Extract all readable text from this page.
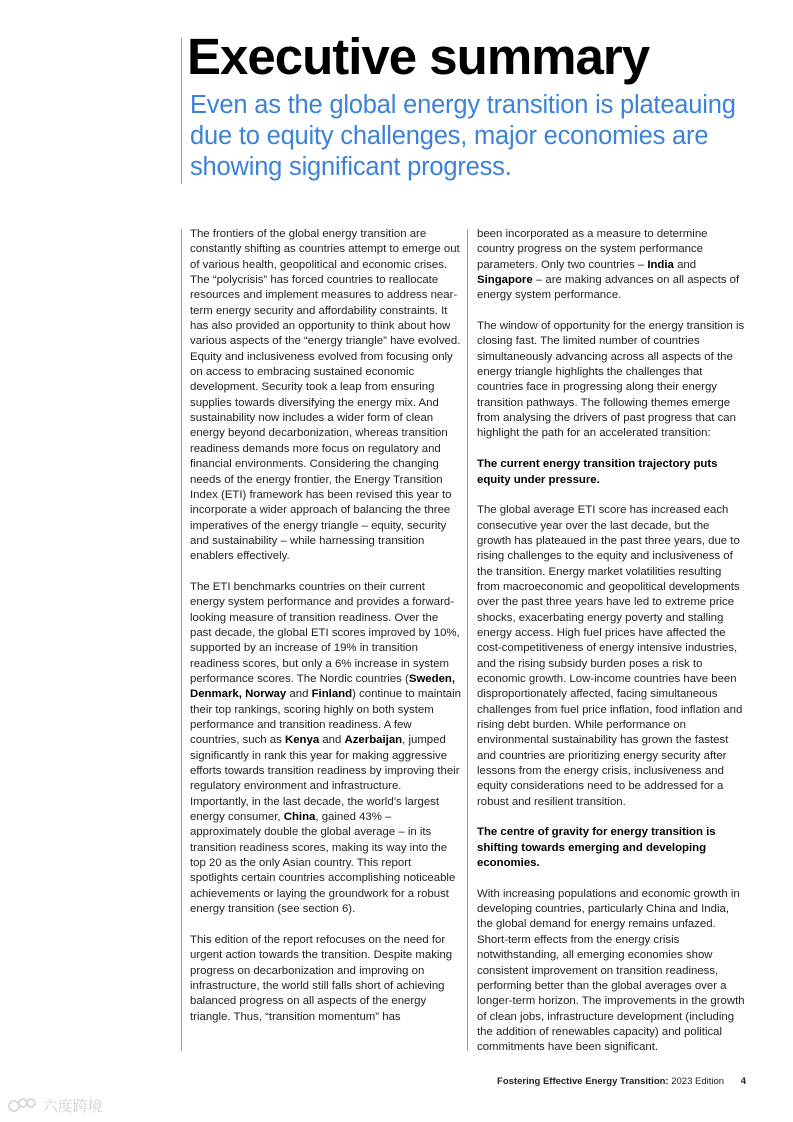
Executive summary

Even as the global energy transition is plateauing due to equity challenges, major economies are showing significant progress.

The frontiers of the global energy transition are constantly shifting as countries attempt to emerge out of various health, geopolitical and economic crises. The “polycrisis” has forced countries to reallocate resources and implement measures to address near-term energy security and affordability constraints. It has also provided an opportunity to think about how various aspects of the “energy triangle” have evolved. Equity and inclusiveness evolved from focusing only on access to embracing sustained economic development. Security took a leap from ensuring supplies towards diversifying the energy mix. And sustainability now includes a wider form of clean energy beyond decarbonization, whereas transition readiness demands more focus on regulatory and financial environments. Considering the changing needs of the energy frontier, the Energy Transition Index (ETI) framework has been revised this year to incorporate a wider approach of balancing the three imperatives of the energy triangle – equity, security and sustainability – while harnessing transition enablers effectively.

The ETI benchmarks countries on their current energy system performance and provides a forward-looking measure of transition readiness. Over the past decade, the global ETI scores improved by 10%, supported by an increase of 19% in transition readiness scores, but only a 6% increase in system performance scores. The Nordic countries (Sweden, Denmark, Norway and Finland) continue to maintain their top rankings, scoring highly on both system performance and transition readiness. A few countries, such as Kenya and Azerbaijan, jumped significantly in rank this year for making aggressive efforts towards transition readiness by improving their regulatory environment and infrastructure. Importantly, in the last decade, the world’s largest energy consumer, China, gained 43% – approximately double the global average – in its transition readiness scores, making its way into the top 20 as the only Asian country. This report spotlights certain countries accomplishing noticeable achievements or laying the groundwork for a robust energy transition (see section 6).

This edition of the report refocuses on the need for urgent action towards the transition. Despite making progress on decarbonization and improving on infrastructure, the world still falls short of achieving balanced progress on all aspects of the energy triangle. Thus, “transition momentum” has

been incorporated as a measure to determine country progress on the system performance parameters. Only two countries – India and Singapore – are making advances on all aspects of energy system performance.

The window of opportunity for the energy transition is closing fast. The limited number of countries simultaneously advancing across all aspects of the energy triangle highlights the challenges that countries face in progressing along their energy transition pathways. The following themes emerge from analysing the drivers of past progress that can highlight the path for an accelerated transition:

The current energy transition trajectory puts equity under pressure.

The global average ETI score has increased each consecutive year over the last decade, but the growth has plateaued in the past three years, due to rising challenges to the equity and inclusiveness of the transition. Energy market volatilities resulting from macroeconomic and geopolitical developments over the past three years have led to extreme price shocks, exacerbating energy poverty and stalling energy access. High fuel prices have affected the cost-competitiveness of energy intensive industries, and the rising subsidy burden poses a risk to economic growth. Low-income countries have been disproportionately affected, facing simultaneous challenges from fuel price inflation, food inflation and rising debt burden. While performance on environmental sustainability has grown the fastest and countries are prioritizing energy security after lessons from the energy crisis, inclusiveness and equity considerations need to be addressed for a robust and resilient transition.

The centre of gravity for energy transition is shifting towards emerging and developing economies.

With increasing populations and economic growth in developing countries, particularly China and India, the global demand for energy remains unfazed. Short-term effects from the energy crisis notwithstanding, all emerging economies show consistent improvement on transition readiness, performing better than the global averages over a longer-term horizon. The improvements in the growth of clean jobs, infrastructure development (including the addition of renewables capacity) and political commitments have been significant.

Fostering Effective Energy Transition: 2023 Edition 4
六度跨境
